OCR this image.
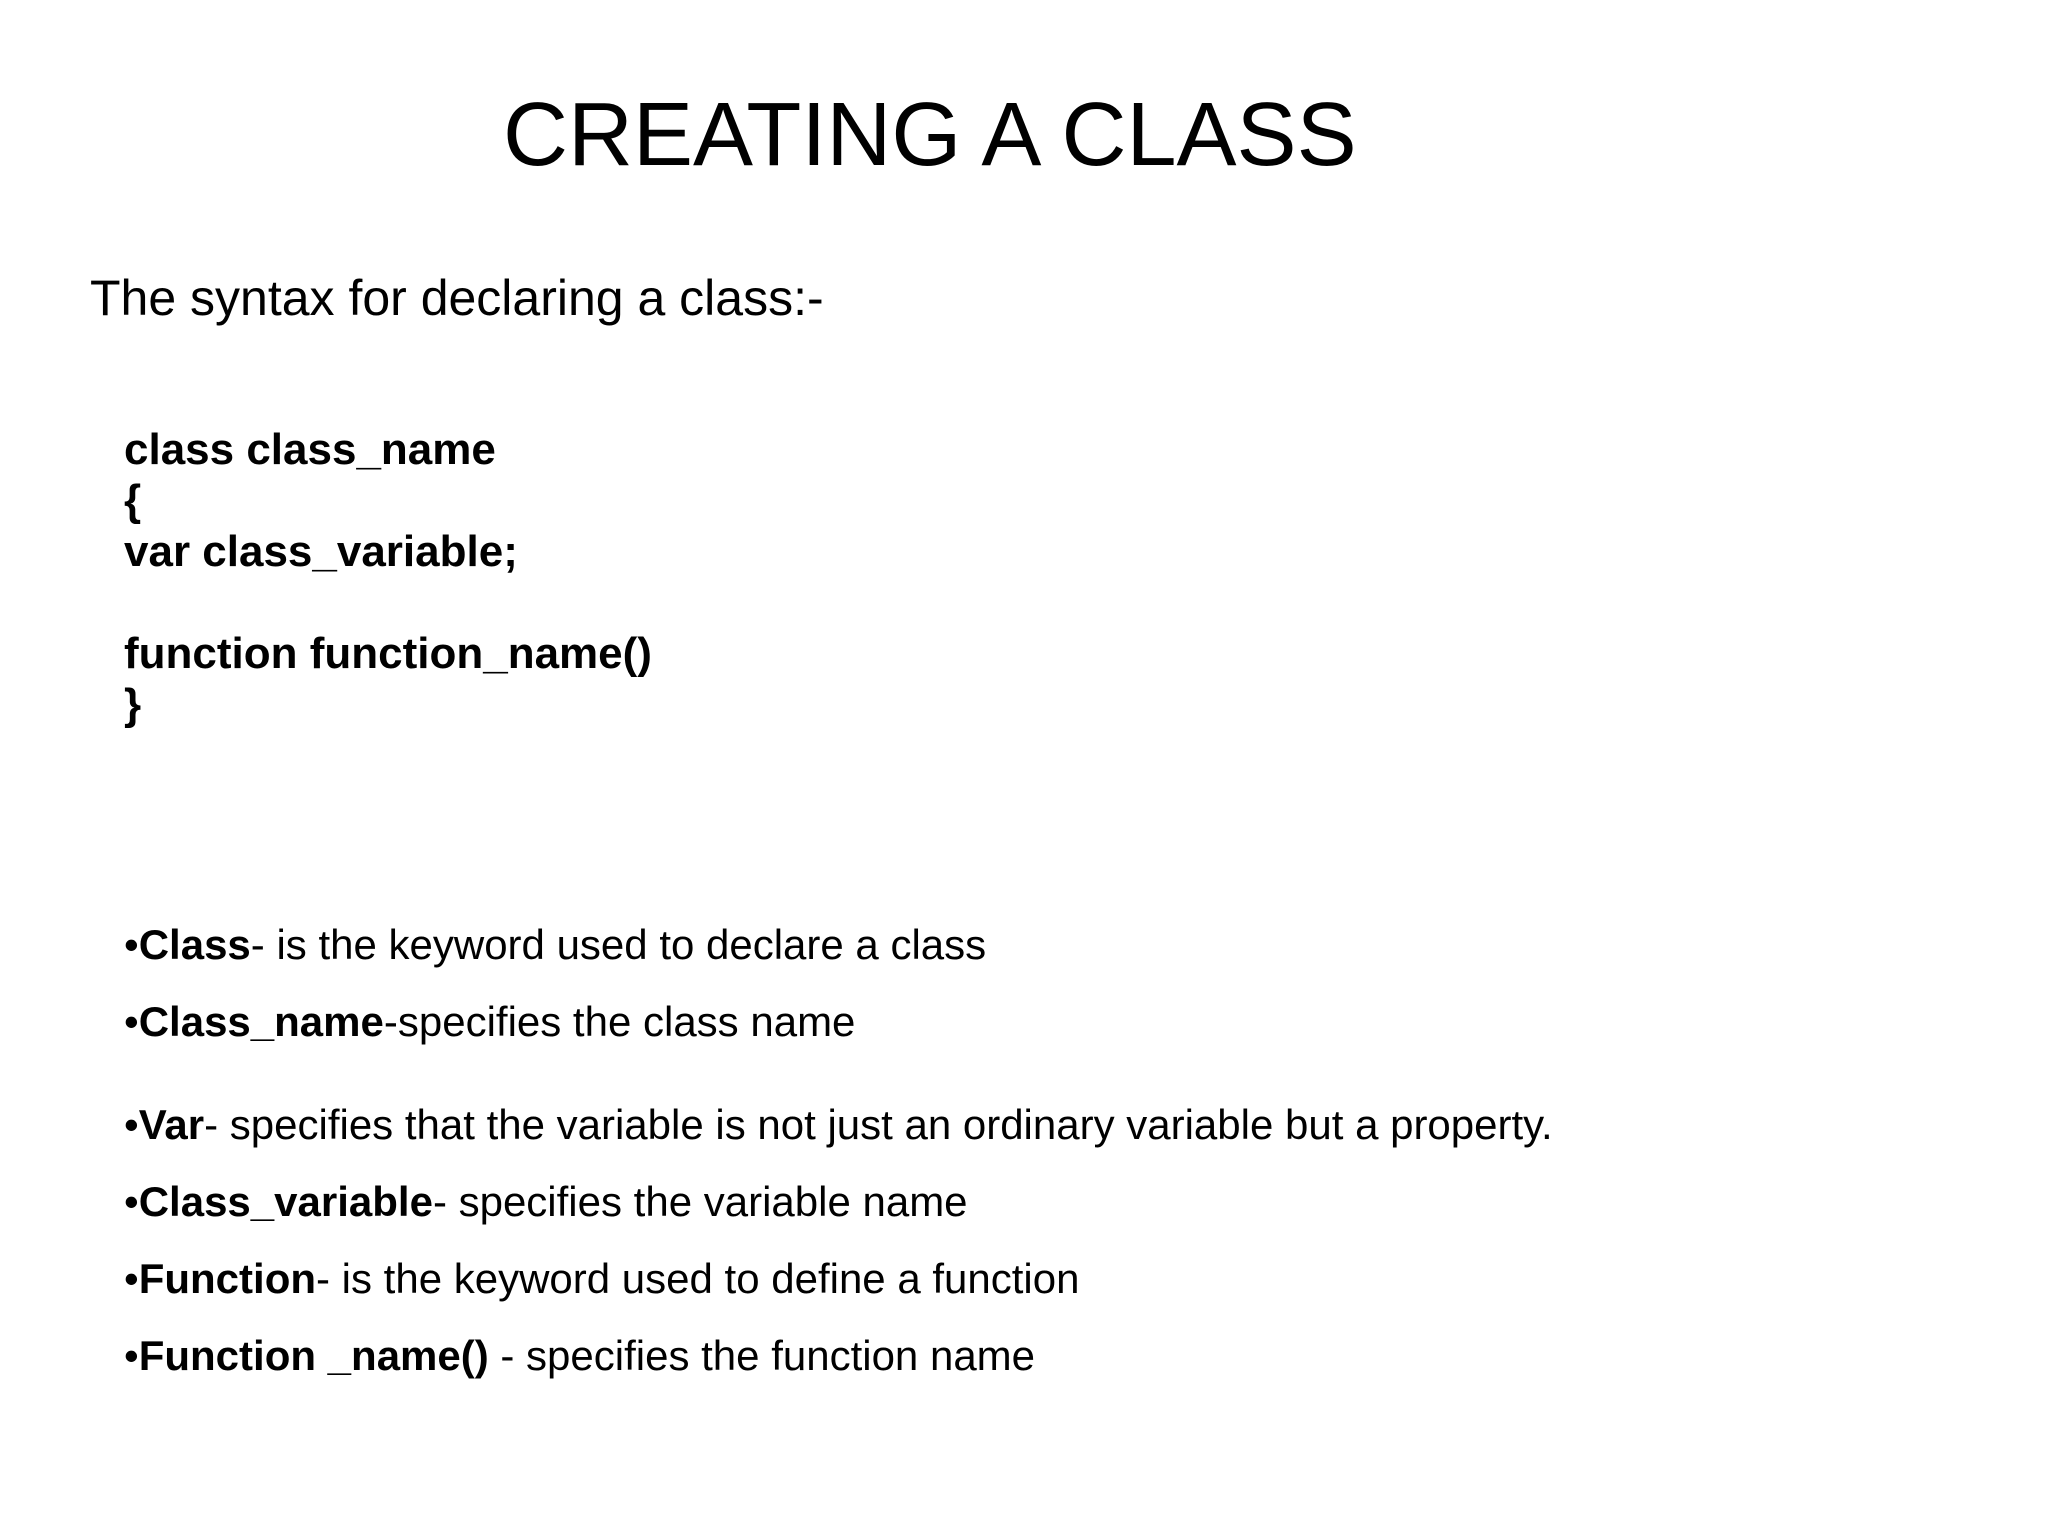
CREATING A CLASS

The syntax for declaring a class:-

class class_name
{
var class_variable;
function function_name()
}
•Class- is the keyword used to declare a class
•Class_name-specifies the class name
•Var- specifies that the variable is not just an ordinary variable but a property.
•Class_variable- specifies the variable name
•Function- is the keyword used to define a function
•Function _name() - specifies the function name
